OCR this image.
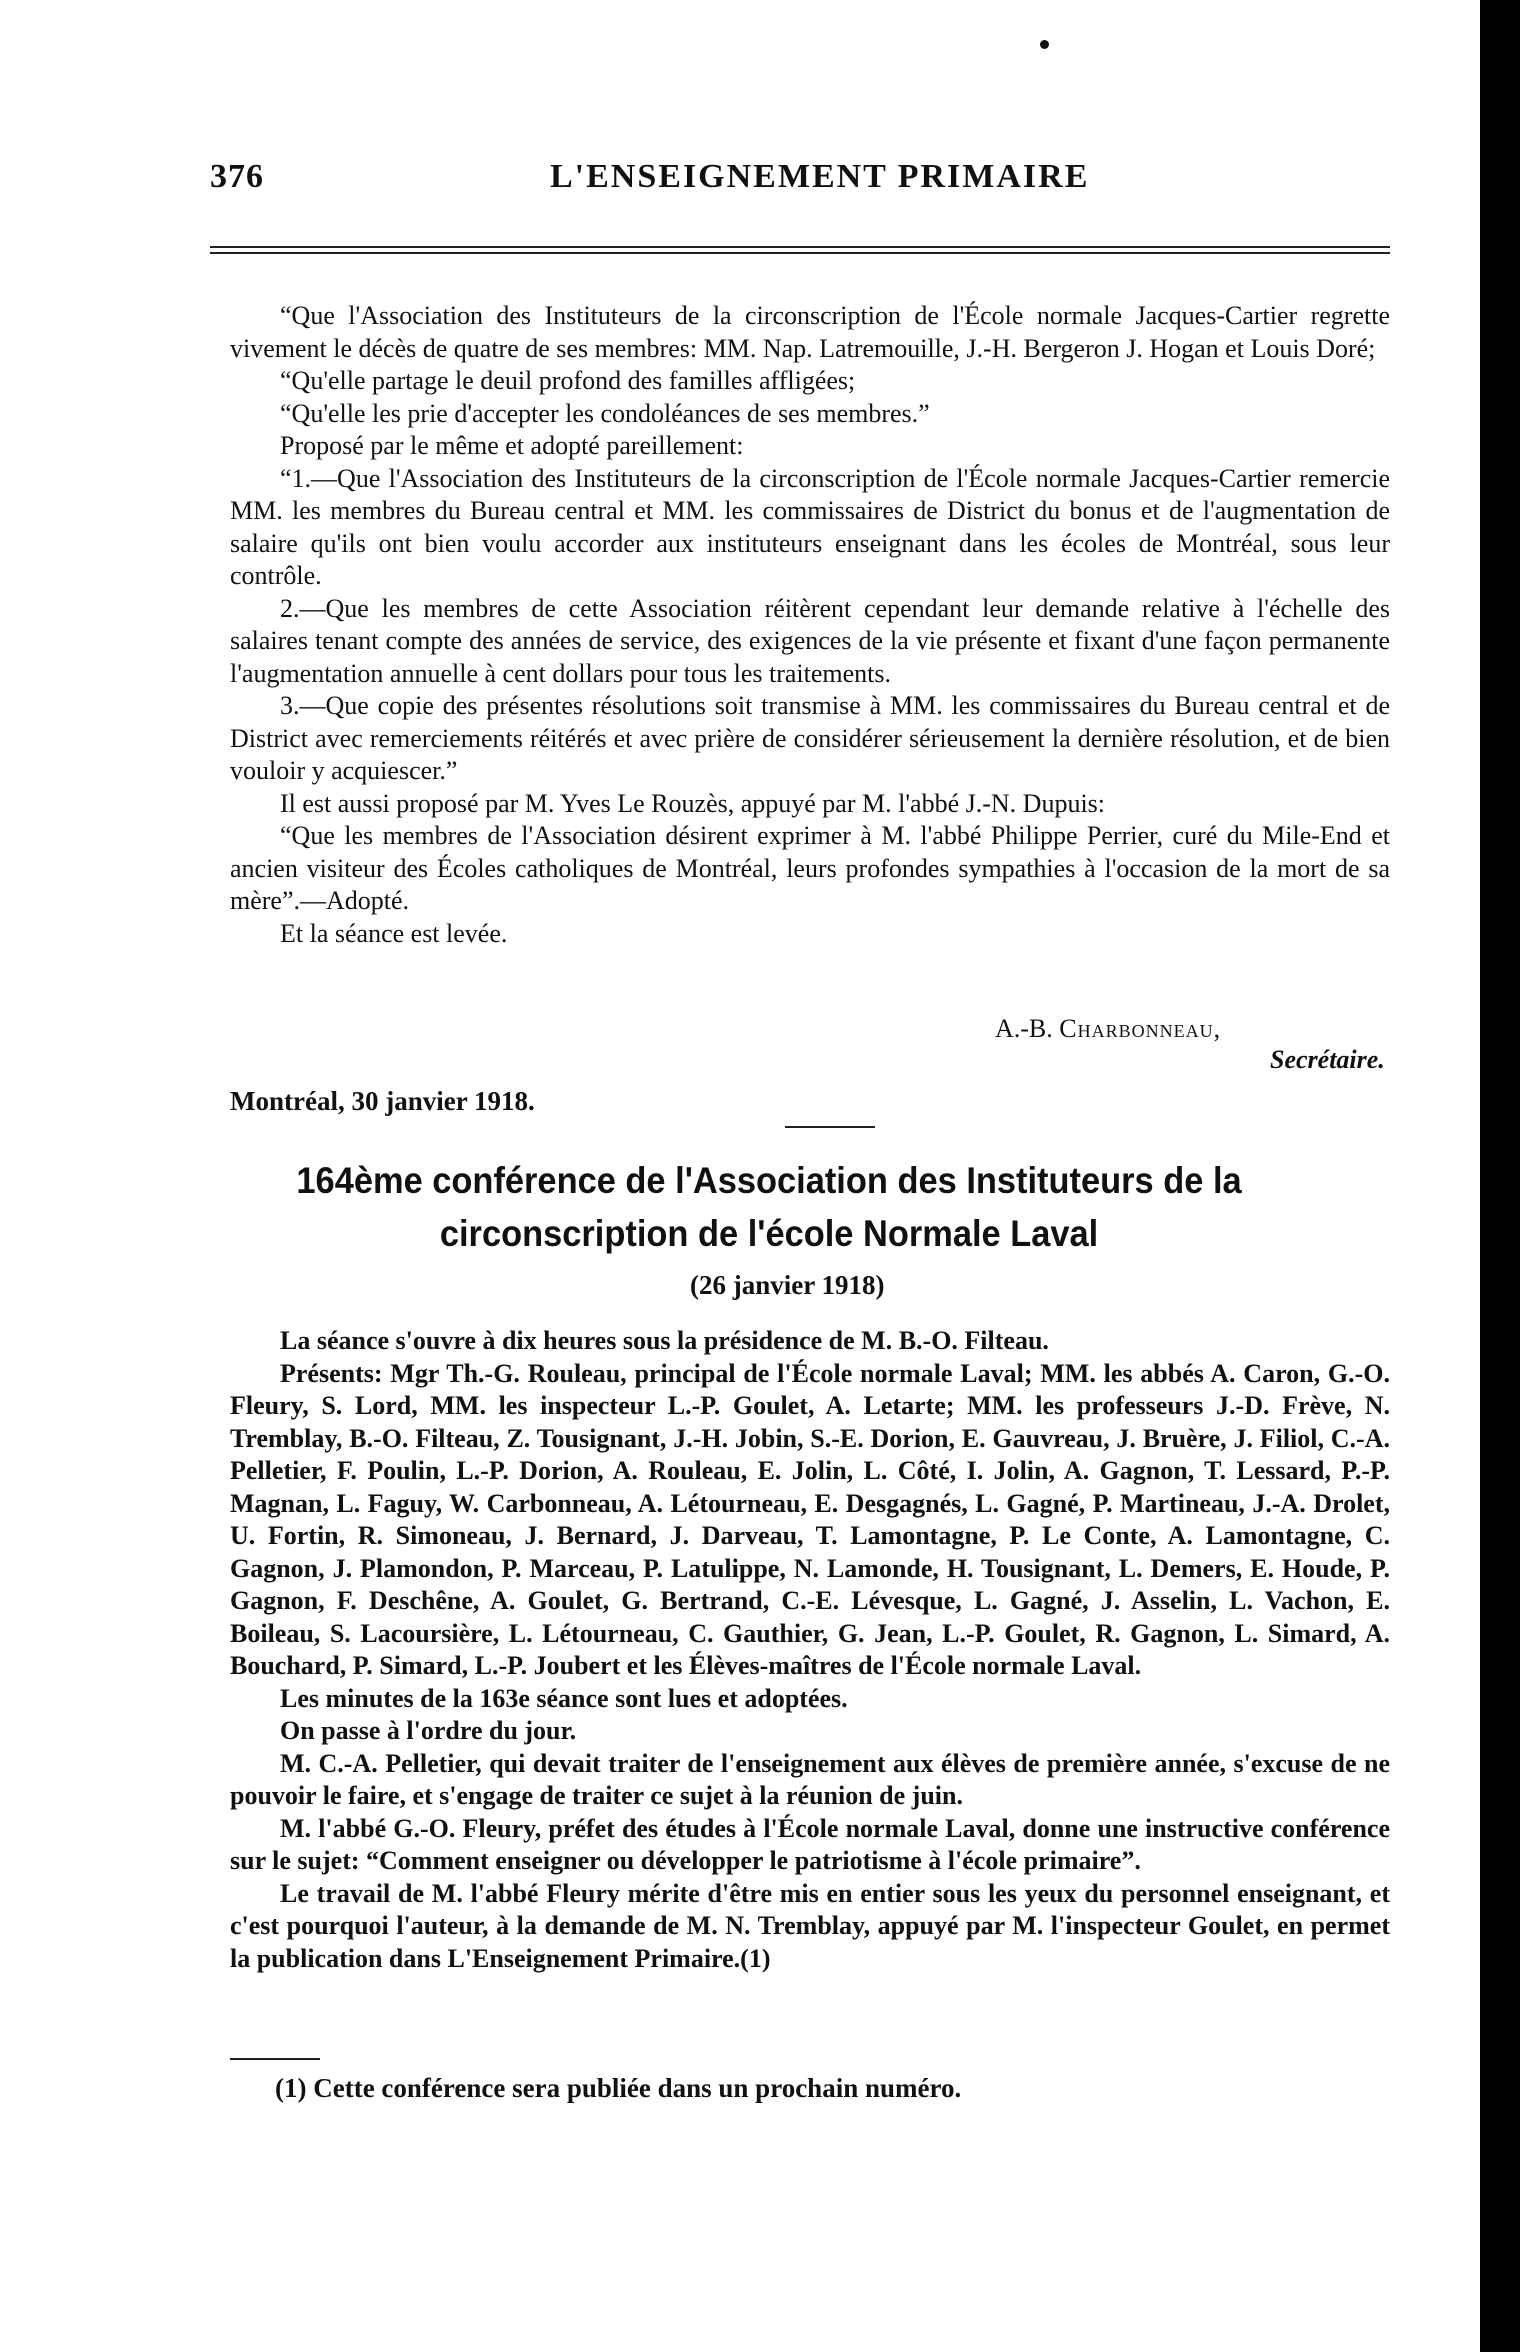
376	L'ENSEIGNEMENT PRIMAIRE

“Que l'Association des Instituteurs de la circonscription de l'École normale Jacques-Cartier regrette vivement le décès de quatre de ses membres: MM. Nap. Latremouille, J.-H. Bergeron J. Hogan et Louis Doré;

“Qu'elle partage le deuil profond des familles affligées;

“Qu'elle les prie d'accepter les condoléances de ses membres.”

Proposé par le même et adopté pareillement:

“1.—Que l'Association des Instituteurs de la circonscription de l'École normale Jacques-Cartier remercie MM. les membres du Bureau central et MM. les commissaires de District du bonus et de l'augmentation de salaire qu'ils ont bien voulu accorder aux instituteurs enseignant dans les écoles de Montréal, sous leur contrôle.

2.—Que les membres de cette Association réitèrent cependant leur demande relative à l'échelle des salaires tenant compte des années de service, des exigences de la vie présente et fixant d'une façon permanente l'augmentation annuelle à cent dollars pour tous les traitements.

3.—Que copie des présentes résolutions soit transmise à MM. les commissaires du Bureau central et de District avec remerciements réitérés et avec prière de considérer sérieusement la dernière résolution, et de bien vouloir y acquiescer.”

Il est aussi proposé par M. Yves Le Rouzès, appuyé par M. l'abbé J.-N. Dupuis:

“Que les membres de l'Association désirent exprimer à M. l'abbé Philippe Perrier, curé du Mile-End et ancien visiteur des Écoles catholiques de Montréal, leurs profondes sympathies à l'occasion de la mort de sa mère”.—Adopté.

Et la séance est levée.

A.-B. Charbonneau,
Secrétaire.
Montréal, 30 janvier 1918.
164ème conférence de l'Association des Instituteurs de la circonscription de l'école Normale Laval
(26 janvier 1918)

La séance s'ouvre à dix heures sous la présidence de M. B.-O. Filteau.

Présents: Mgr Th.-G. Rouleau, principal de l'École normale Laval; MM. les abbés A. Caron, G.-O. Fleury, S. Lord, MM. les inspecteur L.-P. Goulet, A. Letarte; MM. les professeurs J.-D. Frève, N. Tremblay, B.-O. Filteau, Z. Tousignant, J.-H. Jobin, S.-E. Dorion, E. Gauvreau, J. Bruère, J. Filiol, C.-A. Pelletier, F. Poulin, L.-P. Dorion, A. Rouleau, E. Jolin, L. Côté, I. Jolin, A. Gagnon, T. Lessard, P.-P. Magnan, L. Faguy, W. Carbonneau, A. Létourneau, E. Desgagnés, L. Gagné, P. Martineau, J.-A. Drolet, U. Fortin, R. Simoneau, J. Bernard, J. Darveau, T. Lamontagne, P. Le Conte, A. Lamontagne, C. Gagnon, J. Plamondon, P. Marceau, P. Latulippe, N. Lamonde, H. Tousignant, L. Demers, E. Houde, P. Gagnon, F. Deschêne, A. Goulet, G. Bertrand, C.-E. Lévesque, L. Gagné, J. Asselin, L. Vachon, E. Boileau, S. Lacoursière, L. Létourneau, C. Gauthier, G. Jean, L.-P. Goulet, R. Gagnon, L. Simard, A. Bouchard, P. Simard, L.-P. Joubert et les Élèves-maîtres de l'École normale Laval.

Les minutes de la 163e séance sont lues et adoptées.

On passe à l'ordre du jour.

M. C.-A. Pelletier, qui devait traiter de l'enseignement aux élèves de première année, s'excuse de ne pouvoir le faire, et s'engage de traiter ce sujet à la réunion de juin.

M. l'abbé G.-O. Fleury, préfet des études à l'École normale Laval, donne une instructive conférence sur le sujet: “Comment enseigner ou développer le patriotisme à l'école primaire”.

Le travail de M. l'abbé Fleury mérite d'être mis en entier sous les yeux du personnel enseignant, et c'est pourquoi l'auteur, à la demande de M. N. Tremblay, appuyé par M. l'inspecteur Goulet, en permet la publication dans L'Enseignement Primaire.(1)

(1) Cette conférence sera publiée dans un prochain numéro.
